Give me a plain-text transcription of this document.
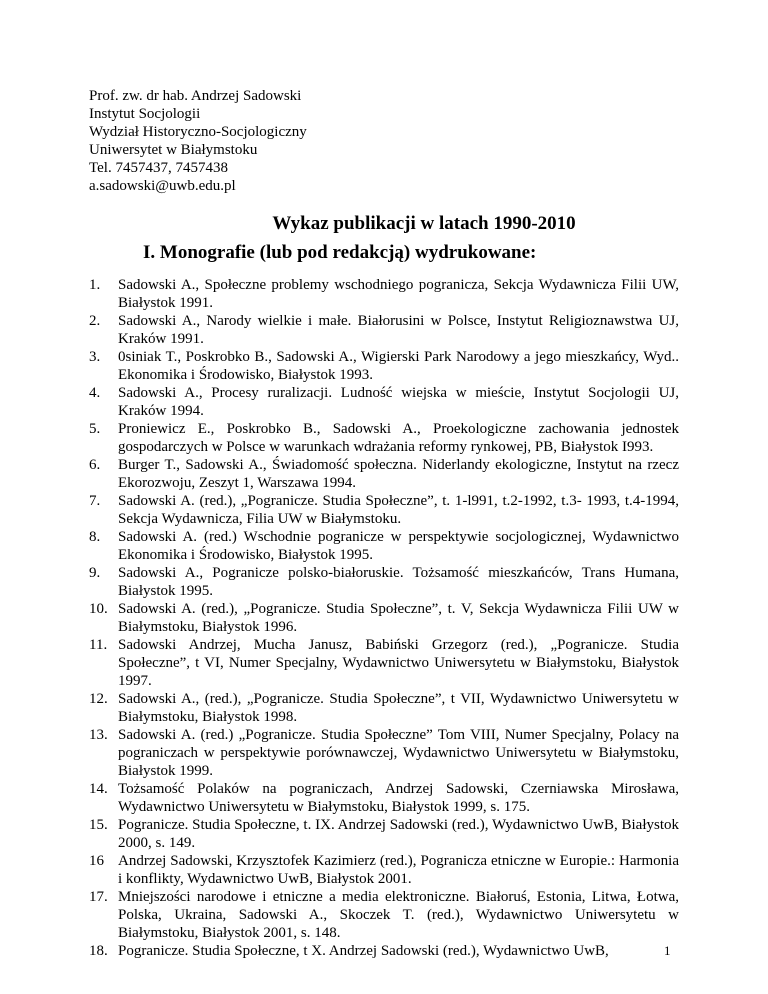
Prof. zw. dr hab. Andrzej Sadowski
Instytut Socjologii
Wydział Historyczno-Socjologiczny
Uniwersytet w Białymstoku
Tel. 7457437, 7457438
a.sadowski@uwb.edu.pl
Wykaz publikacji w latach 1990-2010
I. Monografie (lub pod redakcją) wydrukowane:
1.	Sadowski A., Społeczne problemy wschodniego pogranicza, Sekcja Wydawnicza Filii UW, Białystok 1991.
2.	Sadowski A., Narody wielkie i małe. Białorusini w Polsce, Instytut Religioznawstwa UJ, Kraków 1991.
3.	0siniak T., Poskrobko B., Sadowski A., Wigierski Park Narodowy a jego mieszkańcy, Wyd.. Ekonomika i Środowisko, Białystok 1993.
4.	Sadowski A., Procesy ruralizacji. Ludność wiejska w mieście, Instytut Socjologii UJ, Kraków 1994.
5.	Proniewicz E., Poskrobko B., Sadowski A., Proekologiczne zachowania jednostek gospodarczych w Polsce w warunkach wdrażania reformy rynkowej, PB, Białystok I993.
6.	Burger T., Sadowski A., Świadomość społeczna. Niderlandy ekologiczne, Instytut na rzecz Ekorozwoju, Zeszyt 1, Warszawa 1994.
7.	Sadowski A. (red.), „Pogranicze. Studia Społeczne”, t. 1-l991, t.2-1992, t.3- 1993, t.4-1994, Sekcja Wydawnicza, Filia UW w Białymstoku.
8.	Sadowski A. (red.) Wschodnie pogranicze w perspektywie socjologicznej, Wydawnictwo Ekonomika i Środowisko, Białystok 1995.
9.	Sadowski A., Pogranicze polsko-białoruskie. Tożsamość mieszkańców, Trans Humana, Białystok 1995.
10. Sadowski A. (red.), „Pogranicze. Studia Społeczne”, t. V, Sekcja Wydawnicza Filii UW w Białymstoku, Białystok 1996.
11. Sadowski Andrzej, Mucha Janusz, Babiński Grzegorz (red.), „Pogranicze. Studia Społeczne”, t VI, Numer Specjalny, Wydawnictwo Uniwersytetu w Białymstoku, Białystok 1997.
12. Sadowski A., (red.), „Pogranicze. Studia Społeczne”, t VII, Wydawnictwo Uniwersytetu w Białymstoku, Białystok 1998.
13. Sadowski A. (red.) „Pogranicze. Studia Społeczne” Tom VIII, Numer Specjalny, Polacy na pograniczach w perspektywie porównawczej, Wydawnictwo Uniwersytetu w Białymstoku, Białystok 1999.
14. Tożsamość Polaków na pograniczach, Andrzej Sadowski, Czerniawska Mirosława, Wydawnictwo Uniwersytetu w Białymstoku, Białystok 1999, s. 175.
15. Pogranicze. Studia Społeczne, t. IX. Andrzej Sadowski (red.), Wydawnictwo UwB, Białystok 2000, s. 149.
16 Andrzej Sadowski, Krzysztofek Kazimierz (red.), Pogranicza etniczne w Europie.: Harmonia i konflikty, Wydawnictwo UwB, Białystok 2001.
17. Mniejszości narodowe i etniczne a media elektroniczne. Białoruś, Estonia, Litwa, Łotwa, Polska, Ukraina, Sadowski A., Skoczek T. (red.), Wydawnictwo Uniwersytetu w Białymstoku, Białystok 2001, s. 148.
18. Pogranicze. Studia Społeczne, t X. Andrzej Sadowski (red.), Wydawnictwo UwB,	1
